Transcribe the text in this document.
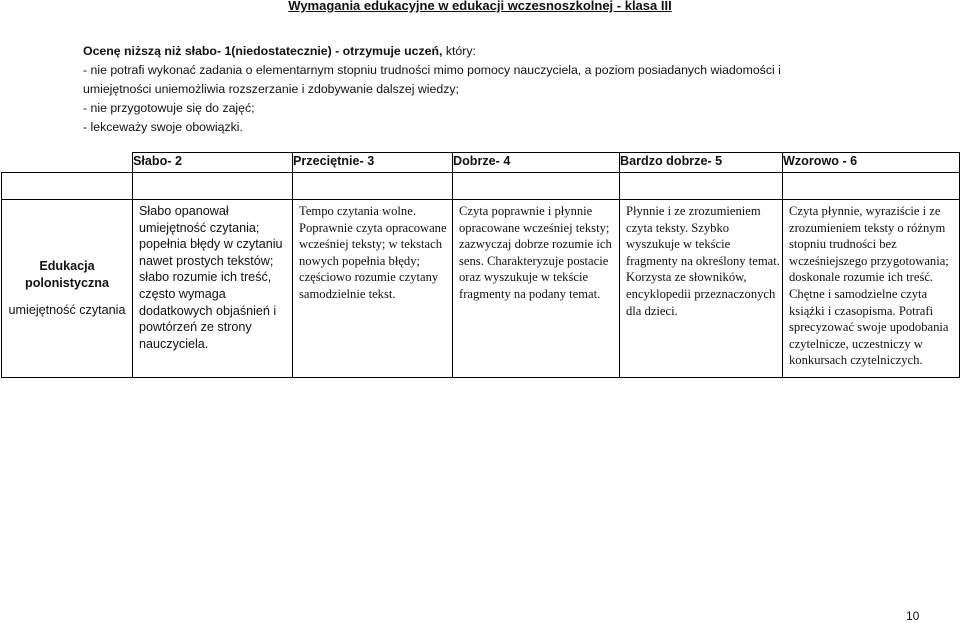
Wymagania edukacyjne w edukacji wczesnoszkolnej - klasa III
Ocenę niższą niż słabo- 1(niedostatecznie) - otrzymuje uczeń, który:
- nie potrafi wykonać zadania o elementarnym stopniu trudności mimo pomocy nauczyciela, a poziom posiadanych wiadomości i
umiejętności uniemożliwia rozszerzanie i zdobywanie dalszej wiedzy;
- nie przygotowuje się do zajęć;
- lekceważy swoje obowiązki.
	Słabo- 2	Przeciętnie- 3	Dobrze- 4	Bardzo dobrze- 5	Wzorowo - 6

Edukacja polonistyczna
umiejętność czytania	Słabo opanował umiejętność czytania; popełnia błędy w czytaniu nawet prostych tekstów; słabo rozumie ich treść, często wymaga dodatkowych objaśnień i powtórzeń ze strony nauczyciela.	Tempo czytania wolne. Poprawnie czyta opracowane wcześniej teksty; w tekstach nowych popełnia błędy; częściowo rozumie czytany samodzielnie tekst.	Czyta poprawnie i płynnie opracowane wcześniej teksty; zazwyczaj dobrze rozumie ich sens. Charakteryzuje postacie oraz wyszukuje w tekście fragmenty na podany temat.	Płynnie i ze zrozumieniem czyta teksty. Szybko wyszukuje w tekście fragmenty na określony temat. Korzysta ze słowników, encyklopedii przeznaczonych dla dzieci.	Czyta płynnie, wyraziście i ze zrozumieniem teksty o różnym stopniu trudności bez wcześniejszego przygotowania; doskonale rozumie ich treść. Chętne i samodzielne czyta książki i czasopisma. Potrafi sprecyzować swoje upodobania czytelnicze, uczestniczy w konkursach czytelniczych.
10
